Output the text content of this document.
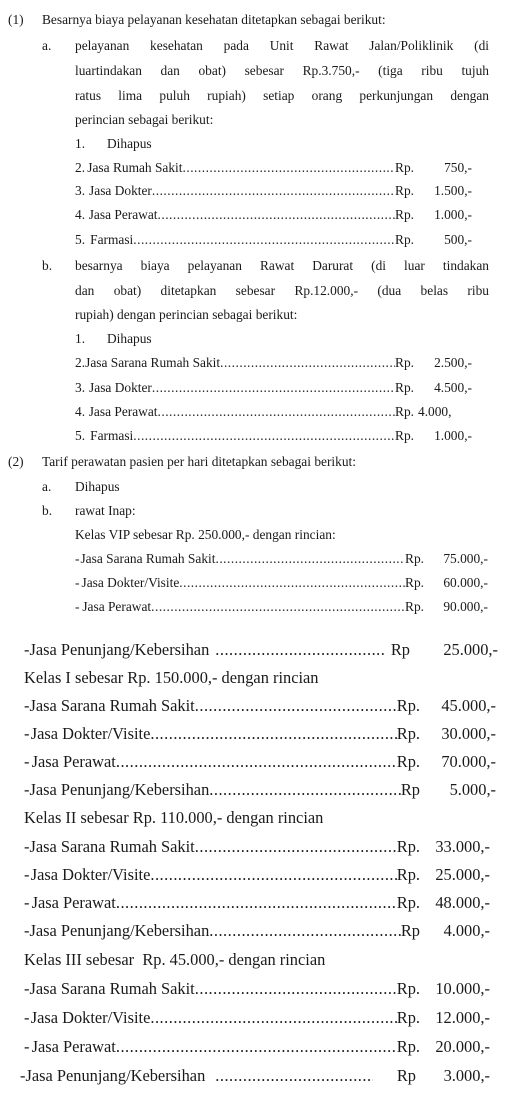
(1) Besarnya biaya pelayanan kesehatan ditetapkan sebagai berikut:
a. pelayanan kesehatan pada Unit Rawat Jalan/Poliklinik (di
luartindakan dan obat) sebesar Rp.3.750,- (tiga ribu tujuh
ratus lima puluh rupiah) setiap orang perkunjungan dengan
perincian sebagai berikut:
1. Dihapus
2. Jasa Rumah Sakit .....	Rp.	750,-
3. Jasa Dokter .....	Rp.	1.500,-
4. Jasa Perawat .....	Rp.	1.000,-
5. Farmasi .....	Rp.	500,-
b. besarnya biaya pelayanan Rawat Darurat (di luar tindakan
dan obat) ditetapkan sebesar Rp.12.000,- (dua belas ribu
rupiah) dengan perincian sebagai berikut:
1. Dihapus
2. Jasa Sarana Rumah Sakit .....	Rp.	2.500,-
3. Jasa Dokter .....	Rp.	4.500,-
4. Jasa Perawat .....	Rp. 4.000,
5. Farmasi .....	Rp.	1.000,-
(2) Tarif perawatan pasien per hari ditetapkan sebagai berikut:
a. Dihapus
b. rawat Inap:
Kelas VIP sebesar Rp. 250.000,- dengan rincian:
- Jasa Sarana Rumah Sakit .....	Rp.	75.000,-
- Jasa Dokter/Visite .....	Rp.	60.000,-
- Jasa Perawat .....	Rp.	90.000,-
- Jasa Penunjang/Kebersihan .....	Rp	25.000,-
Kelas I sebesar Rp. 150.000,- dengan rincian
- Jasa Sarana Rumah Sakit .....	Rp.	45.000,-
- Jasa Dokter/Visite .....	Rp.	30.000,-
- Jasa Perawat .....	Rp.	70.000,-
- Jasa Penunjang/Kebersihan .....	Rp	5.000,-
Kelas II sebesar Rp. 110.000,- dengan rincian
- Jasa Sarana Rumah Sakit .....	Rp. 33.000,-
- Jasa Dokter/Visite .....	Rp. 25.000,-
- Jasa Perawat .....	Rp. 48.000,-
- Jasa Penunjang/Kebersihan .....	Rp	4.000,-
Kelas III sebesar  Rp. 45.000,- dengan rincian
- Jasa Sarana Rumah Sakit .....	Rp. 10.000,-
- Jasa Dokter/Visite .....	Rp. 12.000,-
- Jasa Perawat .....	Rp. 20.000,-
- Jasa Penunjang/Kebersihan .....	Rp	3.000,-
